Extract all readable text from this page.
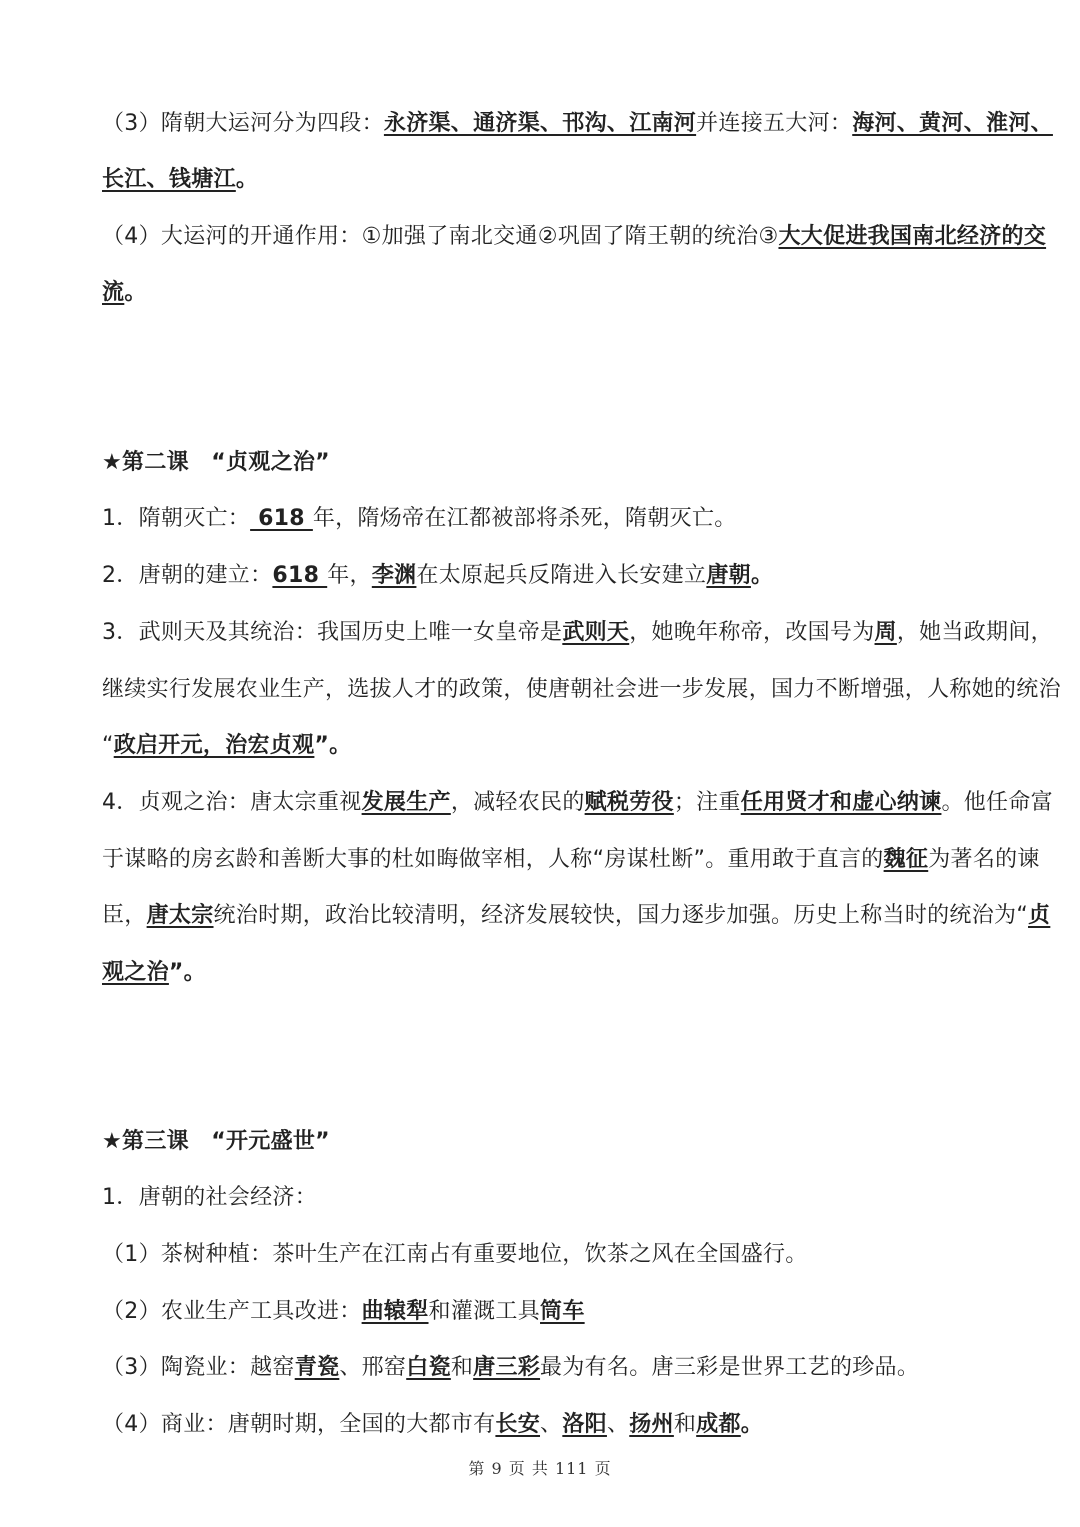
（3）隋朝大运河分为四段：永济渠、通济渠、邗沟、江南河并连接五大河：海河、黄河、淮河、
长江、钱塘江。
（4）大运河的开通作用：①加强了南北交通②巩固了隋王朝的统治③大大促进我国南北经济的交
流。
★第二课　“贞观之治”
1．隋朝灭亡： 618 年，隋炀帝在江都被部将杀死，隋朝灭亡。
2．唐朝的建立：618 年，李渊在太原起兵反隋进入长安建立唐朝。
3．武则天及其统治：我国历史上唯一女皇帝是武则天，她晚年称帝，改国号为周，她当政期间，
继续实行发展农业生产，选拔人才的政策，使唐朝社会进一步发展，国力不断增强，人称她的统治
“政启开元，治宏贞观”。
4．贞观之治：唐太宗重视发展生产，减轻农民的赋税劳役；注重任用贤才和虚心纳谏。他任命富
于谋略的房玄龄和善断大事的杜如晦做宰相，人称“房谋杜断”。重用敢于直言的魏征为著名的谏
臣，唐太宗统治时期，政治比较清明，经济发展较快，国力逐步加强。历史上称当时的统治为“贞
观之治”。
★第三课　“开元盛世”
1．唐朝的社会经济：
（1）茶树种植：茶叶生产在江南占有重要地位，饮茶之风在全国盛行。
（2）农业生产工具改进：曲辕犁和灌溉工具筒车
（3）陶瓷业：越窑青瓷、邢窑白瓷和唐三彩最为有名。唐三彩是世界工艺的珍品。
（4）商业：唐朝时期，全国的大都市有长安、洛阳、扬州和成都。
第 9 页 共 111 页
